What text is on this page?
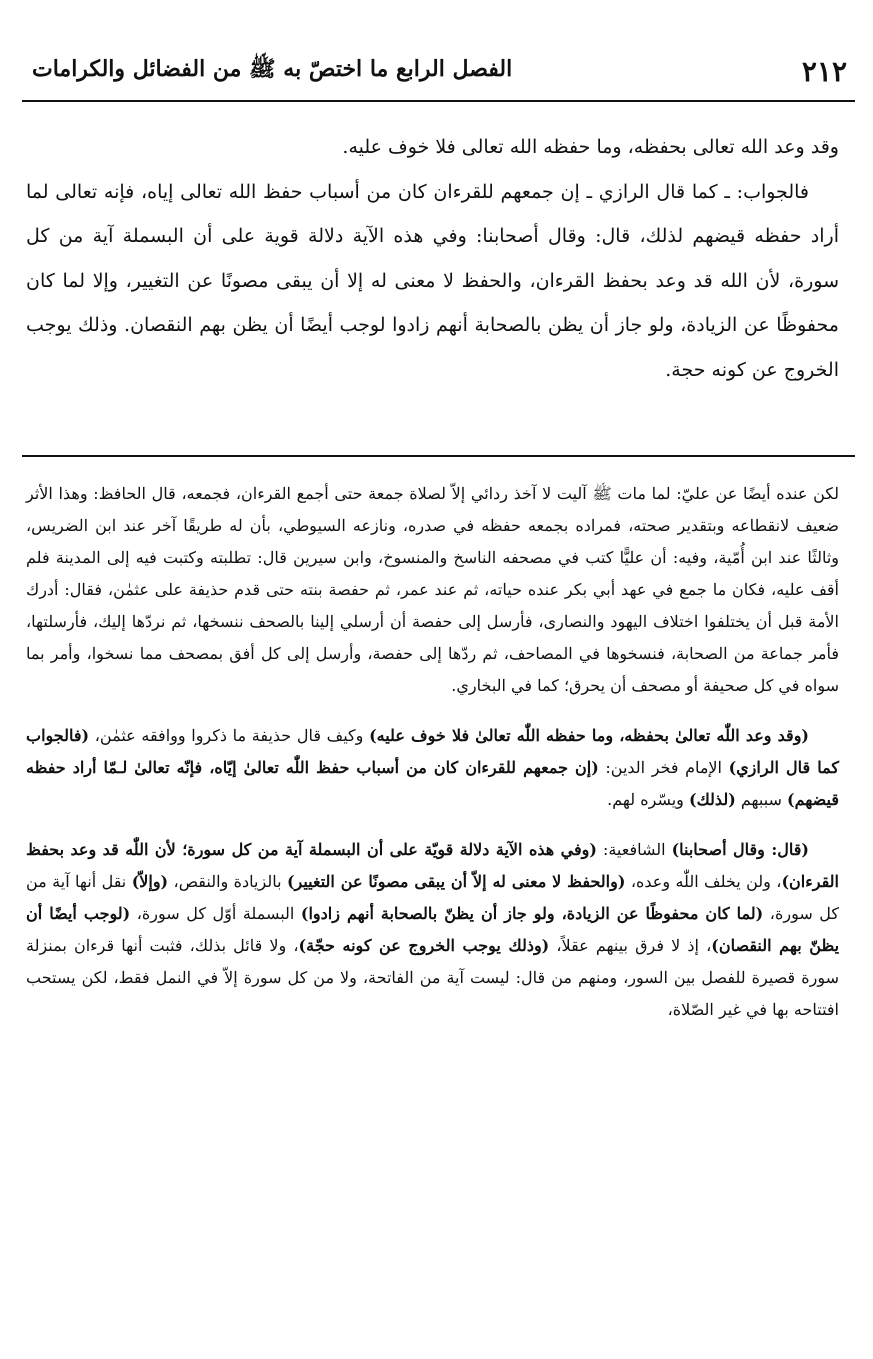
٢١٢
الفصل الرابع ما اختصّ به ﷺ من الفضائل والكرامات

وقد وعد الله تعالى بحفظه، وما حفظه الله تعالى فلا خوف عليه.

فالجواب: ـ كما قال الرازي ـ إن جمعهم للقرءان كان من أسباب حفظ الله تعالى إياه، فإنه تعالى لما أراد حفظه قيضهم لذلك، قال: وقال أصحابنا: وفي هذه الآية دلالة قوية على أن البسملة آية من كل سورة، لأن الله قد وعد بحفظ القرءان، والحفظ لا معنى له إلا أن يبقى مصونًا عن التغيير، وإلا لما كان محفوظًا عن الزيادة، ولو جاز أن يظن بالصحابة أنهم زادوا لوجب أيضًا أن يظن بهم النقصان. وذلك يوجب الخروج عن كونه حجة.

لكن عنده أيضًا عن عليّ: لما مات ﷺ آليت لا آخذ ردائي إلاّ لصلاة جمعة حتى أجمع القرءان، فجمعه، قال الحافظ: وهذا الأثر ضعيف لانقطاعه وبتقدير صحته، فمراده بجمعه حفظه في صدره، ونازعه السيوطي، بأن له طريقًا آخر عند ابن الضريس، وثالثًا عند ابن أُمّية، وفيه: أن عليًّا كتب في مصحفه الناسخ والمنسوخ، وابن سيرين قال: تطلبته وكتبت فيه إلى المدينة فلم أقف عليه، فكان ما جمع في عهد أبي بكر عنده حياته، ثم عند عمر، ثم حفصة بنته حتى قدم حذيفة على عثمٰن، فقال: أدرك الأمة قبل أن يختلفوا اختلاف اليهود والنصارى، فأرسل إلى حفصة أن أرسلي إلينا بالصحف ننسخها، ثم نردّها إليك، فأرسلتها، فأمر جماعة من الصحابة، فنسخوها في المصاحف، ثم ردّها إلى حفصة، وأرسل إلى كل أفق بمصحف مما نسخوا، وأمر بما سواه في كل صحيفة أو مصحف أن يحرق؛ كما في البخاري.

(وقد وعد اللّٰه تعالىٰ بحفظه، وما حفظه اللّٰه تعالىٰ فلا خوف عليه) وكيف قال حذيفة ما ذكروا ووافقه عثمٰن، (فالجواب كما قال الرازي) الإمام فخر الدين: (إن جمعهم للقرءان كان من أسباب حفظ اللّٰه تعالىٰ إيّاه، فإنّه تعالىٰ لـمّا أراد حفظه قيضهم) سببهم (لذلك) ويسّره لهم.

(قال: وقال أصحابنا) الشافعية: (وفي هذه الآية دلالة قويّة على أن البسملة آية من كل سورة؛ لأن اللّٰه قد وعد بحفظ القرءان)، ولن يخلف اللّٰه وعده، (والحفظ لا معنى له إلاّ أن يبقى مصونًا عن التغيير) بالزيادة والنقص، (وإلاّ) نقل أنها آية من كل سورة، (لما كان محفوظًا عن الزيادة، ولو جاز أن يظنّ بالصحابة أنهم زادوا) البسملة أوّل كل سورة، (لوجب أيضًا أن يظنّ بهم النقصان)، إذ لا فرق بينهم عقلاً، (وذلك يوجب الخروج عن كونه حجّة)، ولا قائل بذلك، فثبت أنها قرءان بمنزلة سورة قصيرة للفصل بين السور، ومنهم من قال: ليست آية من الفاتحة، ولا من كل سورة إلاّ في النمل فقط، لكن يستحب افتتاحه بها في غير الصّلاة،
